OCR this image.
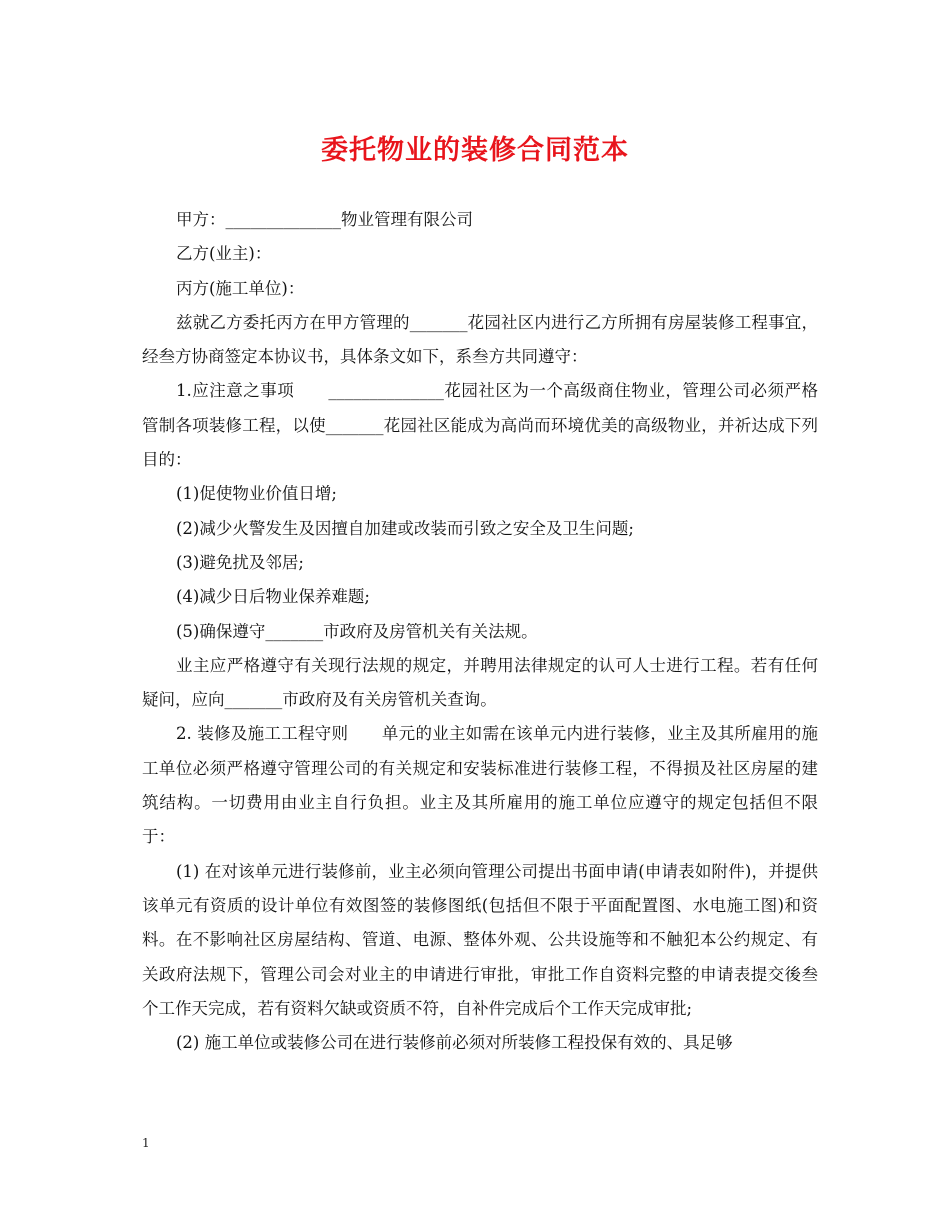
委托物业的装修合同范本

甲方：______________物业管理有限公司

乙方(业主)：

丙方(施工单位)：

兹就乙方委托丙方在甲方管理的_______花园社区内进行乙方所拥有房屋装修工程事宜，经叁方协商签定本协议书，具体条文如下，系叁方共同遵守：

1.应注意之事项　　______________花园社区为一个高级商住物业，管理公司必须严格管制各项装修工程，以使_______花园社区能成为高尚而环境优美的高级物业，并祈达成下列目的：

(1)促使物业价值日增;

(2)减少火警发生及因擅自加建或改装而引致之安全及卫生问题;

(3)避免扰及邻居;

(4)减少日后物业保养难题;

(5)确保遵守_______市政府及房管机关有关法规。

业主应严格遵守有关现行法规的规定，并聘用法律规定的认可人士进行工程。若有任何疑问，应向_______市政府及有关房管机关查询。

2. 装修及施工工程守则　　单元的业主如需在该单元内进行装修，业主及其所雇用的施工单位必须严格遵守管理公司的有关规定和安装标准进行装修工程，不得损及社区房屋的建筑结构。一切费用由业主自行负担。业主及其所雇用的施工单位应遵守的规定包括但不限于：

(1) 在对该单元进行装修前，业主必须向管理公司提出书面申请(申请表如附件)，并提供该单元有资质的设计单位有效图签的装修图纸(包括但不限于平面配置图、水电施工图)和资料。在不影响社区房屋结构、管道、电源、整体外观、公共设施等和不触犯本公约规定、有关政府法规下，管理公司会对业主的申请进行审批，审批工作自资料完整的申请表提交後叁个工作天完成，若有资料欠缺或资质不符，自补件完成后个工作天完成审批;

(2) 施工单位或装修公司在进行装修前必须对所装修工程投保有效的、具足够

1
